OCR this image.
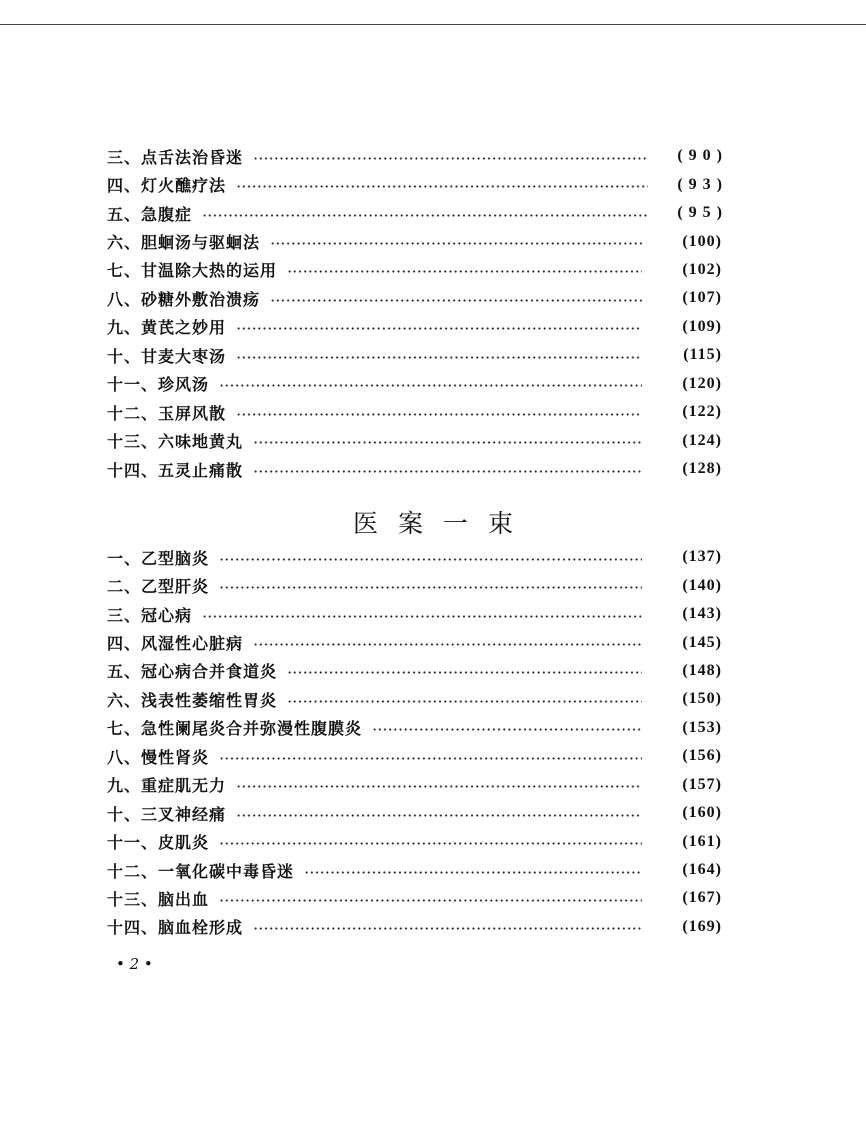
三、点舌法治昏迷	(90)
四、灯火醮疗法	(93)
五、急腹症	(95)
六、胆蛔汤与驱蛔法	(100)
七、甘温除大热的运用	(102)
八、砂糖外敷治溃疡	(107)
九、黄芪之妙用	(109)
十、甘麦大枣汤	(115)
十一、珍风汤	(120)
十二、玉屏风散	(122)
十三、六味地黄丸	(124)
十四、五灵止痛散	(128)
医案一束
一、乙型脑炎	(137)
二、乙型肝炎	(140)
三、冠心病	(143)
四、风湿性心脏病	(145)
五、冠心病合并食道炎	(148)
六、浅表性萎缩性胃炎	(150)
七、急性阑尾炎合并弥漫性腹膜炎	(153)
八、慢性肾炎	(156)
九、重症肌无力	(157)
十、三叉神经痛	(160)
十一、皮肌炎	(161)
十二、一氧化碳中毒昏迷	(164)
十三、脑出血	(167)
十四、脑血栓形成	(169)
• 2 •
